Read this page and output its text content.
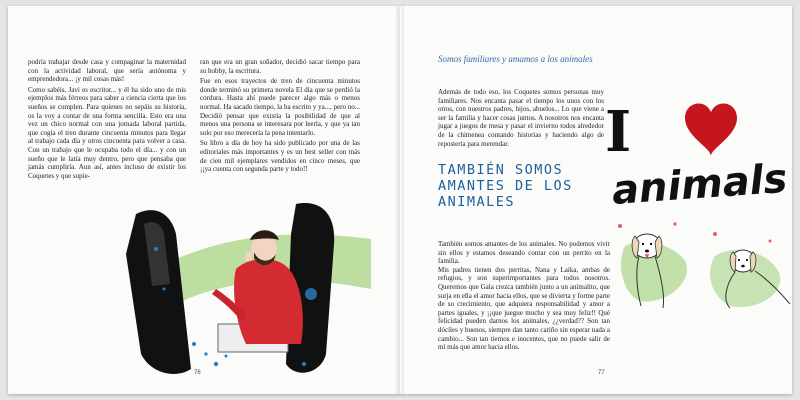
podría trabajar desde casa y compaginar la maternidad con la actividad laboral, que sería autónoma y emprendedora... ¡y mil cosas más!

Como sabéis, Javi es escritor... y él ha sido uno de mis ejemplos más férreos para saber a ciencia cierta que los sueños se cumplen. Para quienes no sepáis su historia, os la voy a contar de una forma sencilla. Esto era una vez un chico normal con una jornada laboral partida, que cogía el tren durante cincuenta minutos para llegar al trabajo cada día y otros cincuenta para volver a casa. Con un trabajo que le ocupaba todo el día... y con un sueño que le latía muy dentro, pero que pensaba que jamás cumpliría. Aun así, antes incluso de existir los Coquetes y que supie-

ran que era un gran soñador, decidió sacar tiempo para su hobby, la escritura.

Fue en esos trayectos de tren de cincuenta minutos donde terminó su primera novela El día que se perdió la cordura. Hasta ahí puede parecer algo más o menos normal. Ha sacado tiempo, la ha escrito y ya..., pero no... Decidió pensar que existía la posibilidad de que al menos una persona se interesara por leerla, y que ya tan solo por eso merecería la pena intentarlo.

Su libro a día de hoy ha sido publicado por una de las editoriales más importantes y es un best seller con más de cien mil ejemplares vendidos en cinco meses, que ¡¡ya cuenta con segunda parte y todo!!

76
Somos familiares y amamos a los animales
Además de todo eso, los Coquetes somos personas muy familiares. Nos encanta pasar el tiempo los unos con los otros, con nuestros padres, hijos, abuelos... Lo que viene a ser la familia y hacer cosas juntos. A nosotros nos encanta jugar a juegos de mesa y pasar el invierno todos alrededor de la chimenea contando historias y haciendo algo de repostería para merendar.
TAMBIÉN SOMOS AMANTES DE LOS ANIMALES

También somos amantes de los animales. No podemos vivir sin ellos y estamos deseando contar con un perrito en la familia.

Mis padres tienen dos perritas, Nana y Laika, ambas de refugios, y son superimportantes para todos nosotros. Queremos que Gala crezca también junto a un animalito, que surja en ella el amor hacia ellos, que se divierta y forme parte de su crecimiento, que adquiera responsabilidad y amor a partes iguales, y ¡¡que juegue mucho y sea muy feliz!! Qué felicidad pueden darnos los animales, ¿¿verdad?? Son tan dóciles y buenos, siempre dan tanto cariño sin esperar nada a cambio... Son tan tiernos e inocentes, que no puede salir de mí más que amor hacia ellos.

I
animals
77
